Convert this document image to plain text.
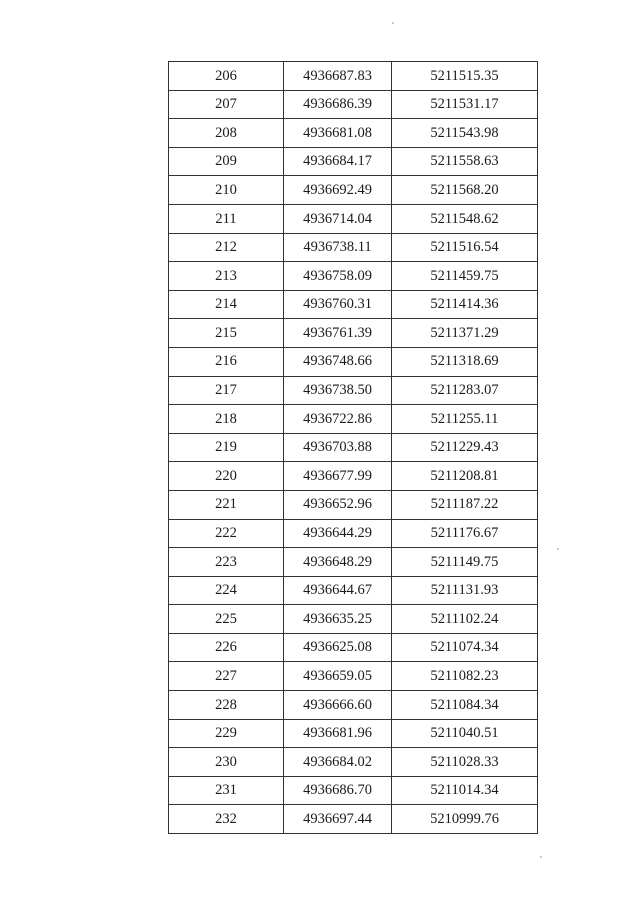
206	4936687.83	5211515.35
207	4936686.39	5211531.17
208	4936681.08	5211543.98
209	4936684.17	5211558.63
210	4936692.49	5211568.20
211	4936714.04	5211548.62
212	4936738.11	5211516.54
213	4936758.09	5211459.75
214	4936760.31	5211414.36
215	4936761.39	5211371.29
216	4936748.66	5211318.69
217	4936738.50	5211283.07
218	4936722.86	5211255.11
219	4936703.88	5211229.43
220	4936677.99	5211208.81
221	4936652.96	5211187.22
222	4936644.29	5211176.67
223	4936648.29	5211149.75
224	4936644.67	5211131.93
225	4936635.25	5211102.24
226	4936625.08	5211074.34
227	4936659.05	5211082.23
228	4936666.60	5211084.34
229	4936681.96	5211040.51
230	4936684.02	5211028.33
231	4936686.70	5211014.34
232	4936697.44	5210999.76
